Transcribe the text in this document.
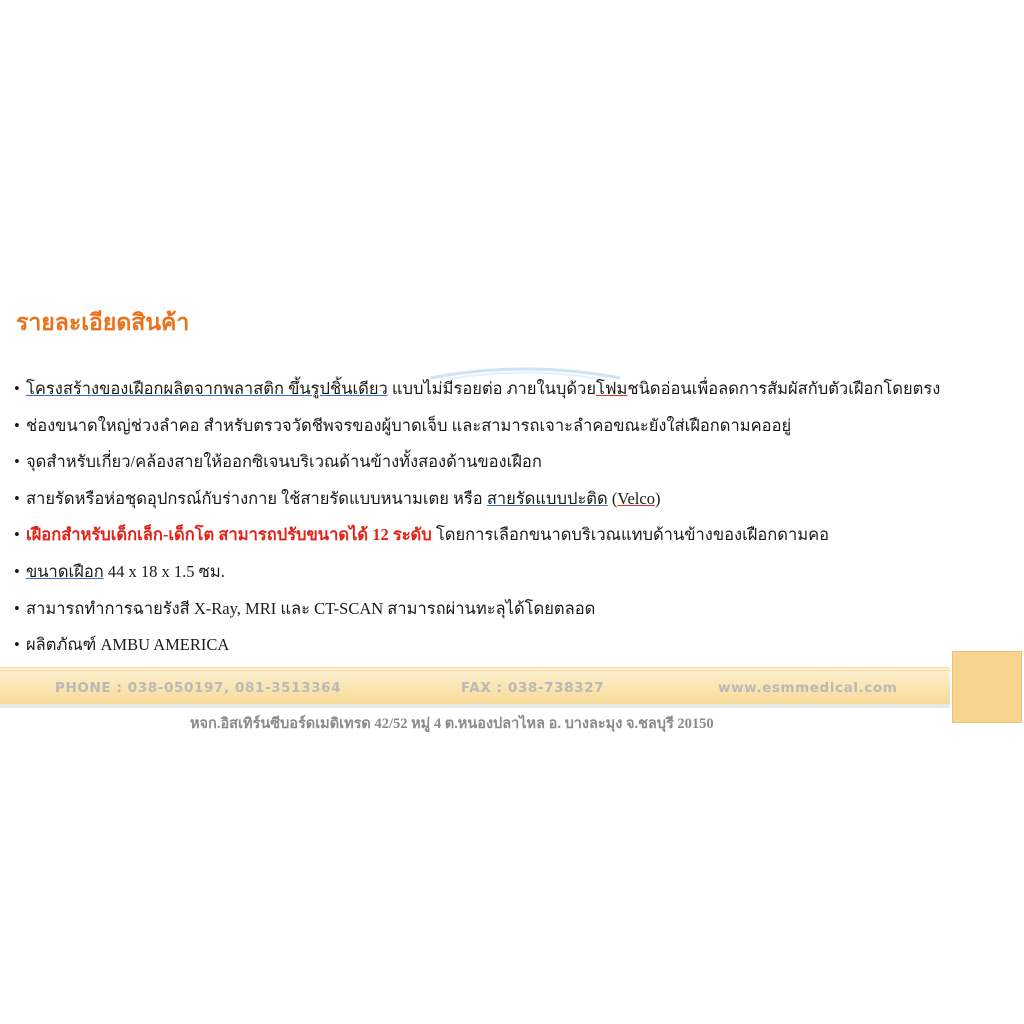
รายละเอียดสินค้า
• โครงสร้างของเฝือกผลิตจากพลาสติก ขึ้นรูปชิ้นเดียว แบบไม่มีรอยต่อ ภายในบุด้วยโฟมชนิดอ่อนเพื่อลดการสัมผัสกับตัวเฝือกโดยตรง
• ช่องขนาดใหญ่ช่วงลำคอ สำหรับตรวจวัดชีพจรของผู้บาดเจ็บ และสามารถเจาะลำคอขณะยังใส่เฝือกดามคออยู่
• จุดสำหรับเกี่ยว/คล้องสายให้ออกซิเจนบริเวณด้านข้างทั้งสองด้านของเฝือก
• สายรัดหรือห่อชุดอุปกรณ์กับร่างกาย ใช้สายรัดแบบหนามเตย หรือ สายรัดแบบปะติด (Velco)
• เฝือกสำหรับเด็กเล็ก-เด็กโต สามารถปรับขนาดได้ 12 ระดับ โดยการเลือกขนาดบริเวณแทบด้านข้างของเฝือกดามคอ
• ขนาดเฝือก 44 x 18 x 1.5 ซม.
• สามารถทำการฉายรังสี X-Ray, MRI และ CT-SCAN สามารถผ่านทะลุได้โดยตลอด
• ผลิตภัณฑ์ AMBU AMERICA

PHONE : 038-050197, 081-3513364	FAX : 038-738327	www.esmmedical.com

หจก.อิสเทิร์นซีบอร์ดเมดิเทรด 42/52 หมู่ 4 ต.หนองปลาไหล อ. บางละมุง จ.ชลบุรี 20150
